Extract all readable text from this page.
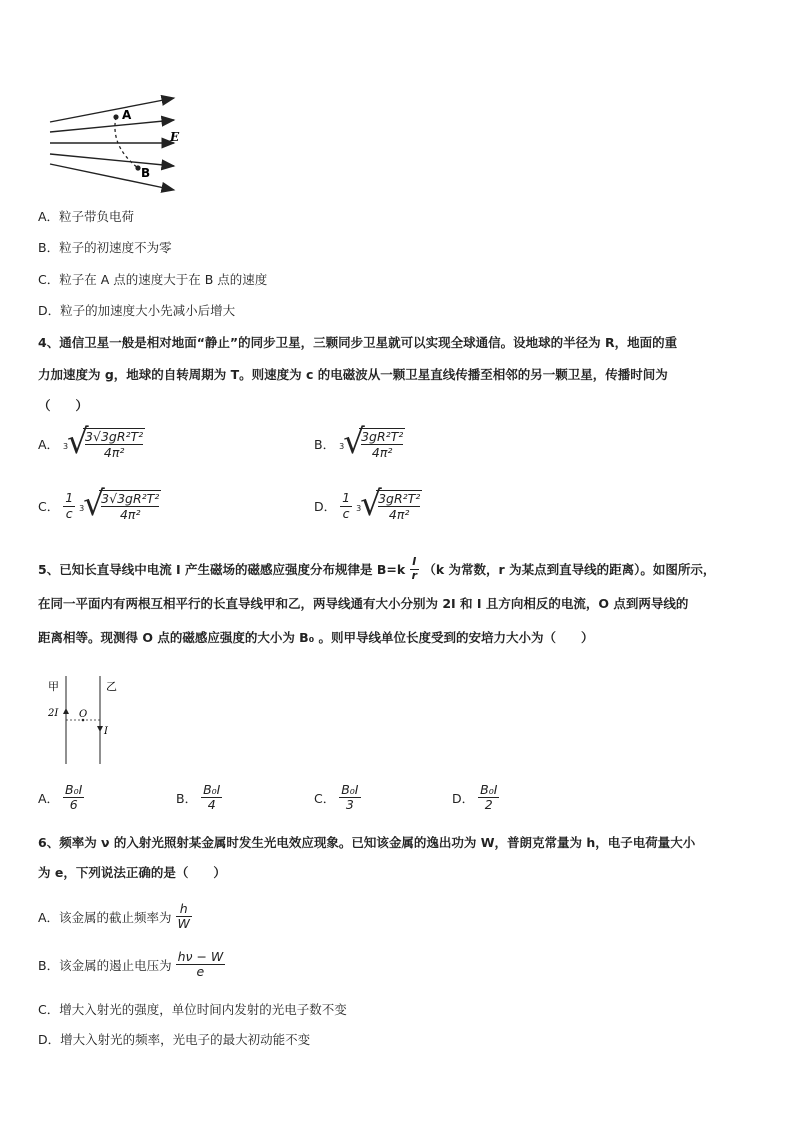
A
B
E
A．粒子带负电荷
B．粒子的初速度不为零
C．粒子在 A 点的速度大于在 B 点的速度
D．粒子的加速度大小先减小后增大
4、通信卫星一般是相对地面“静止”的同步卫星，三颗同步卫星就可以实现全球通信。设地球的半径为 R，地面的重
力加速度为 g，地球的自转周期为 T。则速度为 c 的电磁波从一颗卫星直线传播至相邻的另一颗卫星，传播时间为
（　　）
A． 3
√
$\frac{\text{3√3gR²T²}}{\text{4π²}}$	B． 3
√
$\frac{\text{3gR²T²}}{\text{4π²}}$
C． $\frac{1}{c}$
3
√
$\frac{\text{3√3gR²T²}}{\text{4π²}}$	D． $\frac{1}{c}$
3
√
$\frac{\text{3gR²T²}}{\text{4π²}}$
5、已知长直导线中电流 I 产生磁场的磁感应强度分布规律是 $B=k \frac{I}{r} (k$ 为常数，r 为某点到直导线的距离）。如图所示，
在同一平面内有两根互相平行的长直导线甲和乙，两导线通有大小分别为 2I 和 I 且方向相反的电流，O 点到两导线的
距离相等。现测得 O 点的磁感应强度的大小为 B₀ 。则甲导线单位长度受到的安培力大小为（　　）
甲	乙
2I O
I
A． $\frac{\text{B₀I}}{6}$	B． $\frac{\text{B₀I}}{4}$	C． $\frac{\text{B₀I}}{3}$	D． $\frac{\text{B₀I}}{2}$
6、频率为 ν 的入射光照射某金属时发生光电效应现象。已知该金属的逸出功为 W，普朗克常量为 h，电子电荷量大小
为 e，下列说法正确的是（　　）
A．该金属的截止频率为 $\frac{h}{W}$
B．该金属的遏止电压为 $\frac{h\nu - W}{e}$
C．增大入射光的强度，单位时间内发射的光电子数不变
D．增大入射光的频率，光电子的最大初动能不变
